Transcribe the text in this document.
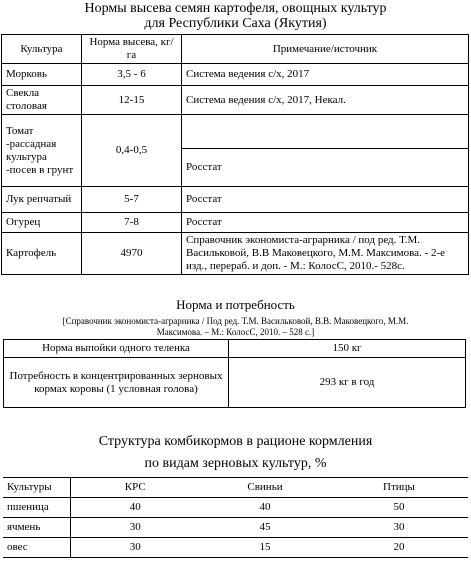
Нормы высева семян картофеля, овощных культур
для Республики Саха (Якутия)
Культура	Норма высева, кг/га	Примечание/источник
Морковь	3,5 - 6	Система ведения с/х, 2017
Свекла столовая	12-15	Система ведения с/х, 2017, Некал.
Томат -рассадная культура -посев в грунт	0,4-0,5	
		Росстат
Лук репчатый	5-7	Росстат
Огурец	7-8	Росстат
Картофель	4970	Справочник экономиста-аграрника / под ред. Т.М. Васильковой, В.В Маковецкого, М.М. Максимова. - 2-е изд., перераб. и доп. - М.: КолосС, 2010.- 528с.
Норма и потребность
[Справочник экономиста-аграрника / Под ред. Т.М. Васильковой, В.В. Маковецкого, М.М.
Максимова. – М.: КолосС, 2010. – 528 с.]
Норма выпойки одного теленка	150 кг
Потребность в концентрированных зерновых кормах коровы (1 условная голова)	293 кг в год
Структура комбикормов в рационе кормления
по видам зерновых культур, %
Культуры	КРС	Свиньи	Птицы
пшеница	40	40	50
ячмень	30	45	30
овес	30	15	20
